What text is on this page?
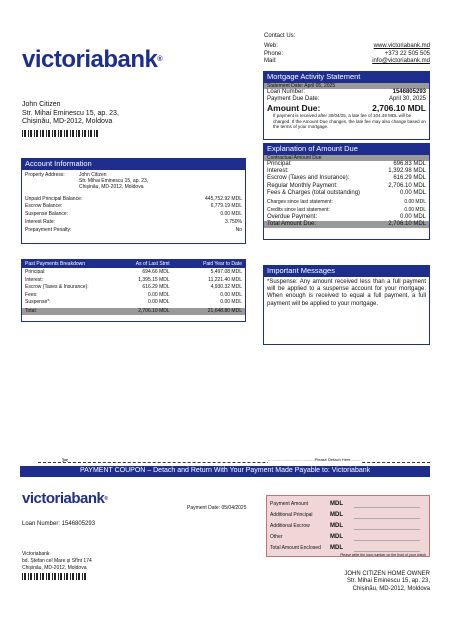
victoriabank®
Contact Us:
Web:	www.victoriabank.md
Phone:	+373 22 505 505
Mail:	info@victoriabank.md
John Citizen
Str. Mihai Eminescu 15, ap. 23,
Chișinău, MD-2012, Moldova
Mortgage Activity Statement
Statement Date: April 05, 2025
Loan Number:	1546805293
Payment Due Date:	April 30, 2025
Amount Due:	2,706.10 MDL
If payment is received after 30/04/25, a late fee of 104.49 MDL will be charged. If the Amount Due changes, the late fee may also change based on the terms of your mortgage.
Explanation of Amount Due
Contractual Amount Due
Principal:	696.83 MDL
Interest:	1,392.98 MDL
Escrow (Taxes and Insurance):	616.29 MDL
Regular Monthly Payment:	2,706.10 MDL
Fees & Charges (total outstanding)	0.00 MDL
Charges since last statement:	0.00 MDL
Credits since last statement:	0.00 MDL
Overdue Payment:	0.00 MDL
Total Amount Due:	2,706.10 MDL
Account Information
Property Address:	John Citizen
Str. Mihai Eminescu 15, ap. 23,
Chișinău, MD-2012, Moldova
Unpaid Principal Balance:	445,752.92 MDL
Escrow Balance:	6,779.19 MDL
Suspense Balance:	0.00 MDL
Interest Rate:	3.750%
Prepayment Penalty:	No
Past Payments Breakdown	As of Last Stmt	Paid Year to Date
Principal:	694.66 MDL	5,497.08 MDL
Interest:	1,395.15 MDL	11,221.40 MDL
Escrow (Taxes & Insurance):	616.29 MDL	4,930.32 MDL
Fees:	0.00 MDL	0.00 MDL
Suspense*:	0.00 MDL	0.00 MDL
Total:	2,706.10 MDL	21,648.80 MDL
Important Messages
*Suspense: Any amount received less than a full payment will be applied to a suspense account for your mortgage. When enough is received to equal a full payment, a full payment will be applied to your mortgage.
✂	..........................................Please Detach Here..........
PAYMENT COUPON – Detach and Return With Your Payment Made Payable to: Victoriabank
victoriabank®
Payment Date: 05/04/2025
Loan Number: 1546805293
Victoriabank
bd. Ștefan cel Mare și Sfînt 174
Chișinău, MD-2012, Moldova
Payment Amount	MDL
Additional Principal	MDL
Additional Escrow	MDL
Other	MDL
Total Amount Enclosed	MDL
Please write the loan number on the front of your check
JOHN CITIZEN HOME OWNER
Str. Mihai Eminescu 15, ap. 23,
Chișinău, MD-2012, Moldova
